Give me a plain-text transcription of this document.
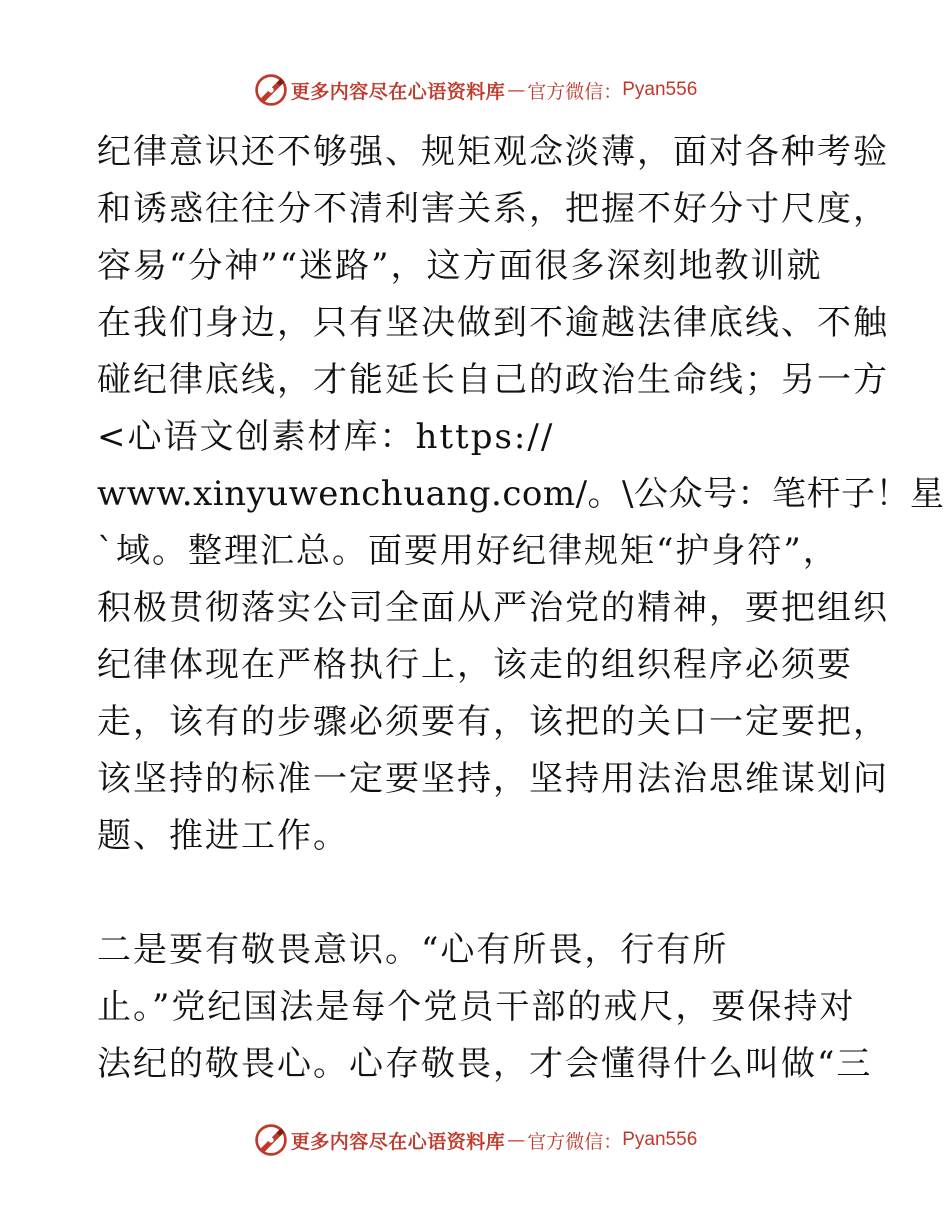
更多内容尽在心语资料库 — 官方微信： Pyan556
纪律意识还不够强、规矩观念淡薄，面对各种考验
和诱惑往往分不清利害关系，把握不好分寸尺度，
容易“分神”“迷路”，这方面很多深刻地教训就
在我们身边，只有坚决做到不逾越法律底线、不触
碰纪律底线，才能延长自己的政治生命线；另一方
<心语文创素材库：https://
www.xinyuwenchuang.com/。\公众号：笔杆子！星
`域。整理汇总。面要用好纪律规矩“护身符”，
积极贯彻落实公司全面从严治党的精神，要把组织
纪律体现在严格执行上，该走的组织程序必须要
走，该有的步骤必须要有，该把的关口一定要把，
该坚持的标准一定要坚持，坚持用法治思维谋划问
题、推进工作。
二是要有敬畏意识。“心有所畏，行有所
止。”党纪国法是每个党员干部的戒尺，要保持对
法纪的敬畏心。心存敬畏，才会懂得什么叫做“三
更多内容尽在心语资料库 — 官方微信： Pyan556
